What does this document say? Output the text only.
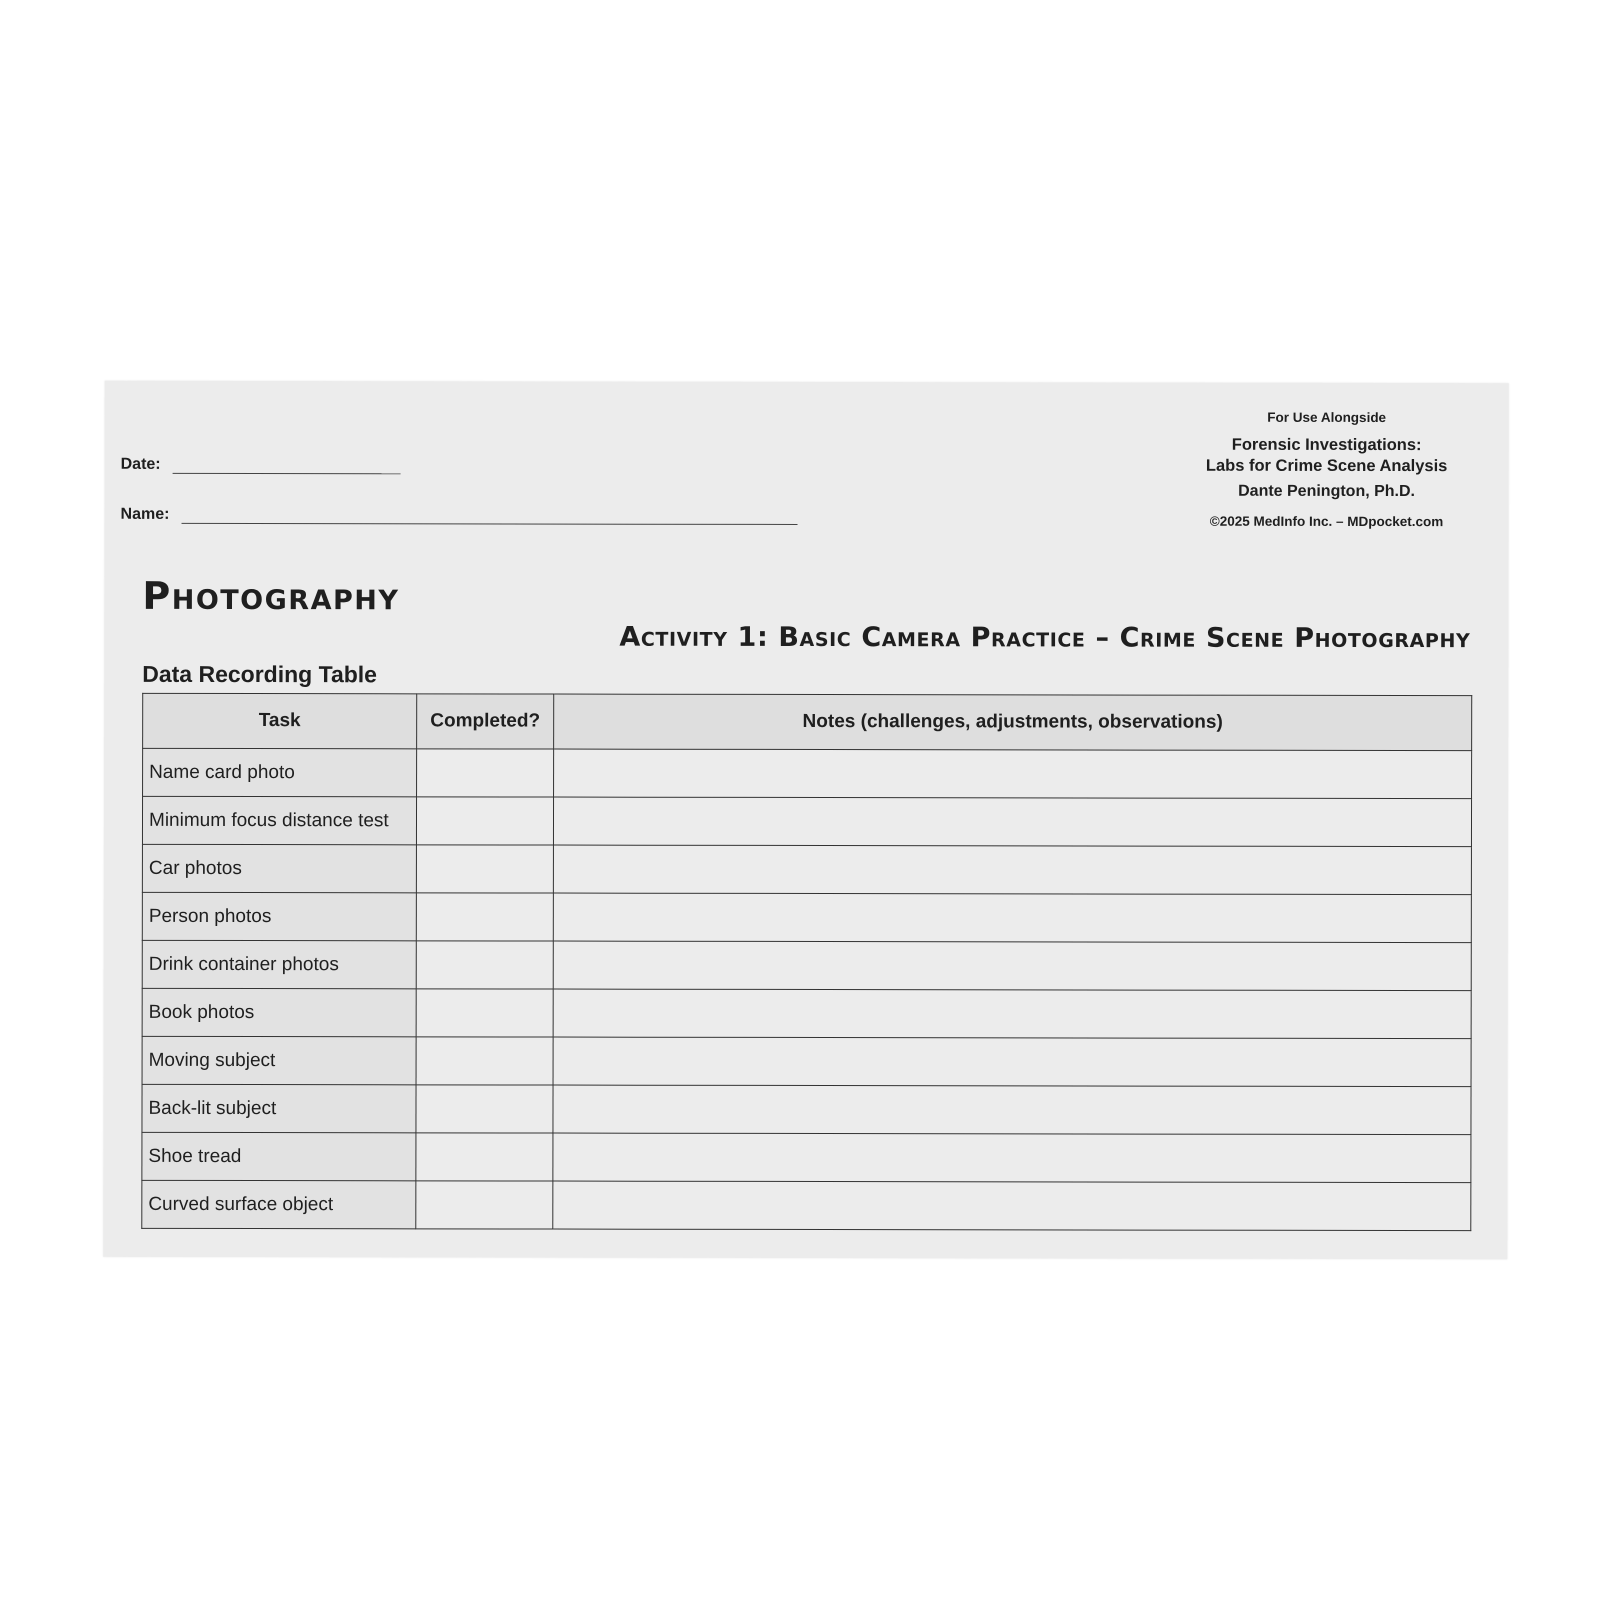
Date:
Name:
For Use Alongside
Forensic Investigations:
Labs for Crime Scene Analysis
Dante Penington, Ph.D.
©2025 MedInfo Inc. – MDpocket.com
Photography
Activity 1: Basic Camera Practice – Crime Scene Photography
Data Recording Table
Task	Completed?	Notes (challenges, adjustments, observations)
Name card photo		
Minimum focus distance test		
Car photos		
Person photos		
Drink container photos		
Book photos		
Moving subject		
Back-lit subject		
Shoe tread		
Curved surface object		
